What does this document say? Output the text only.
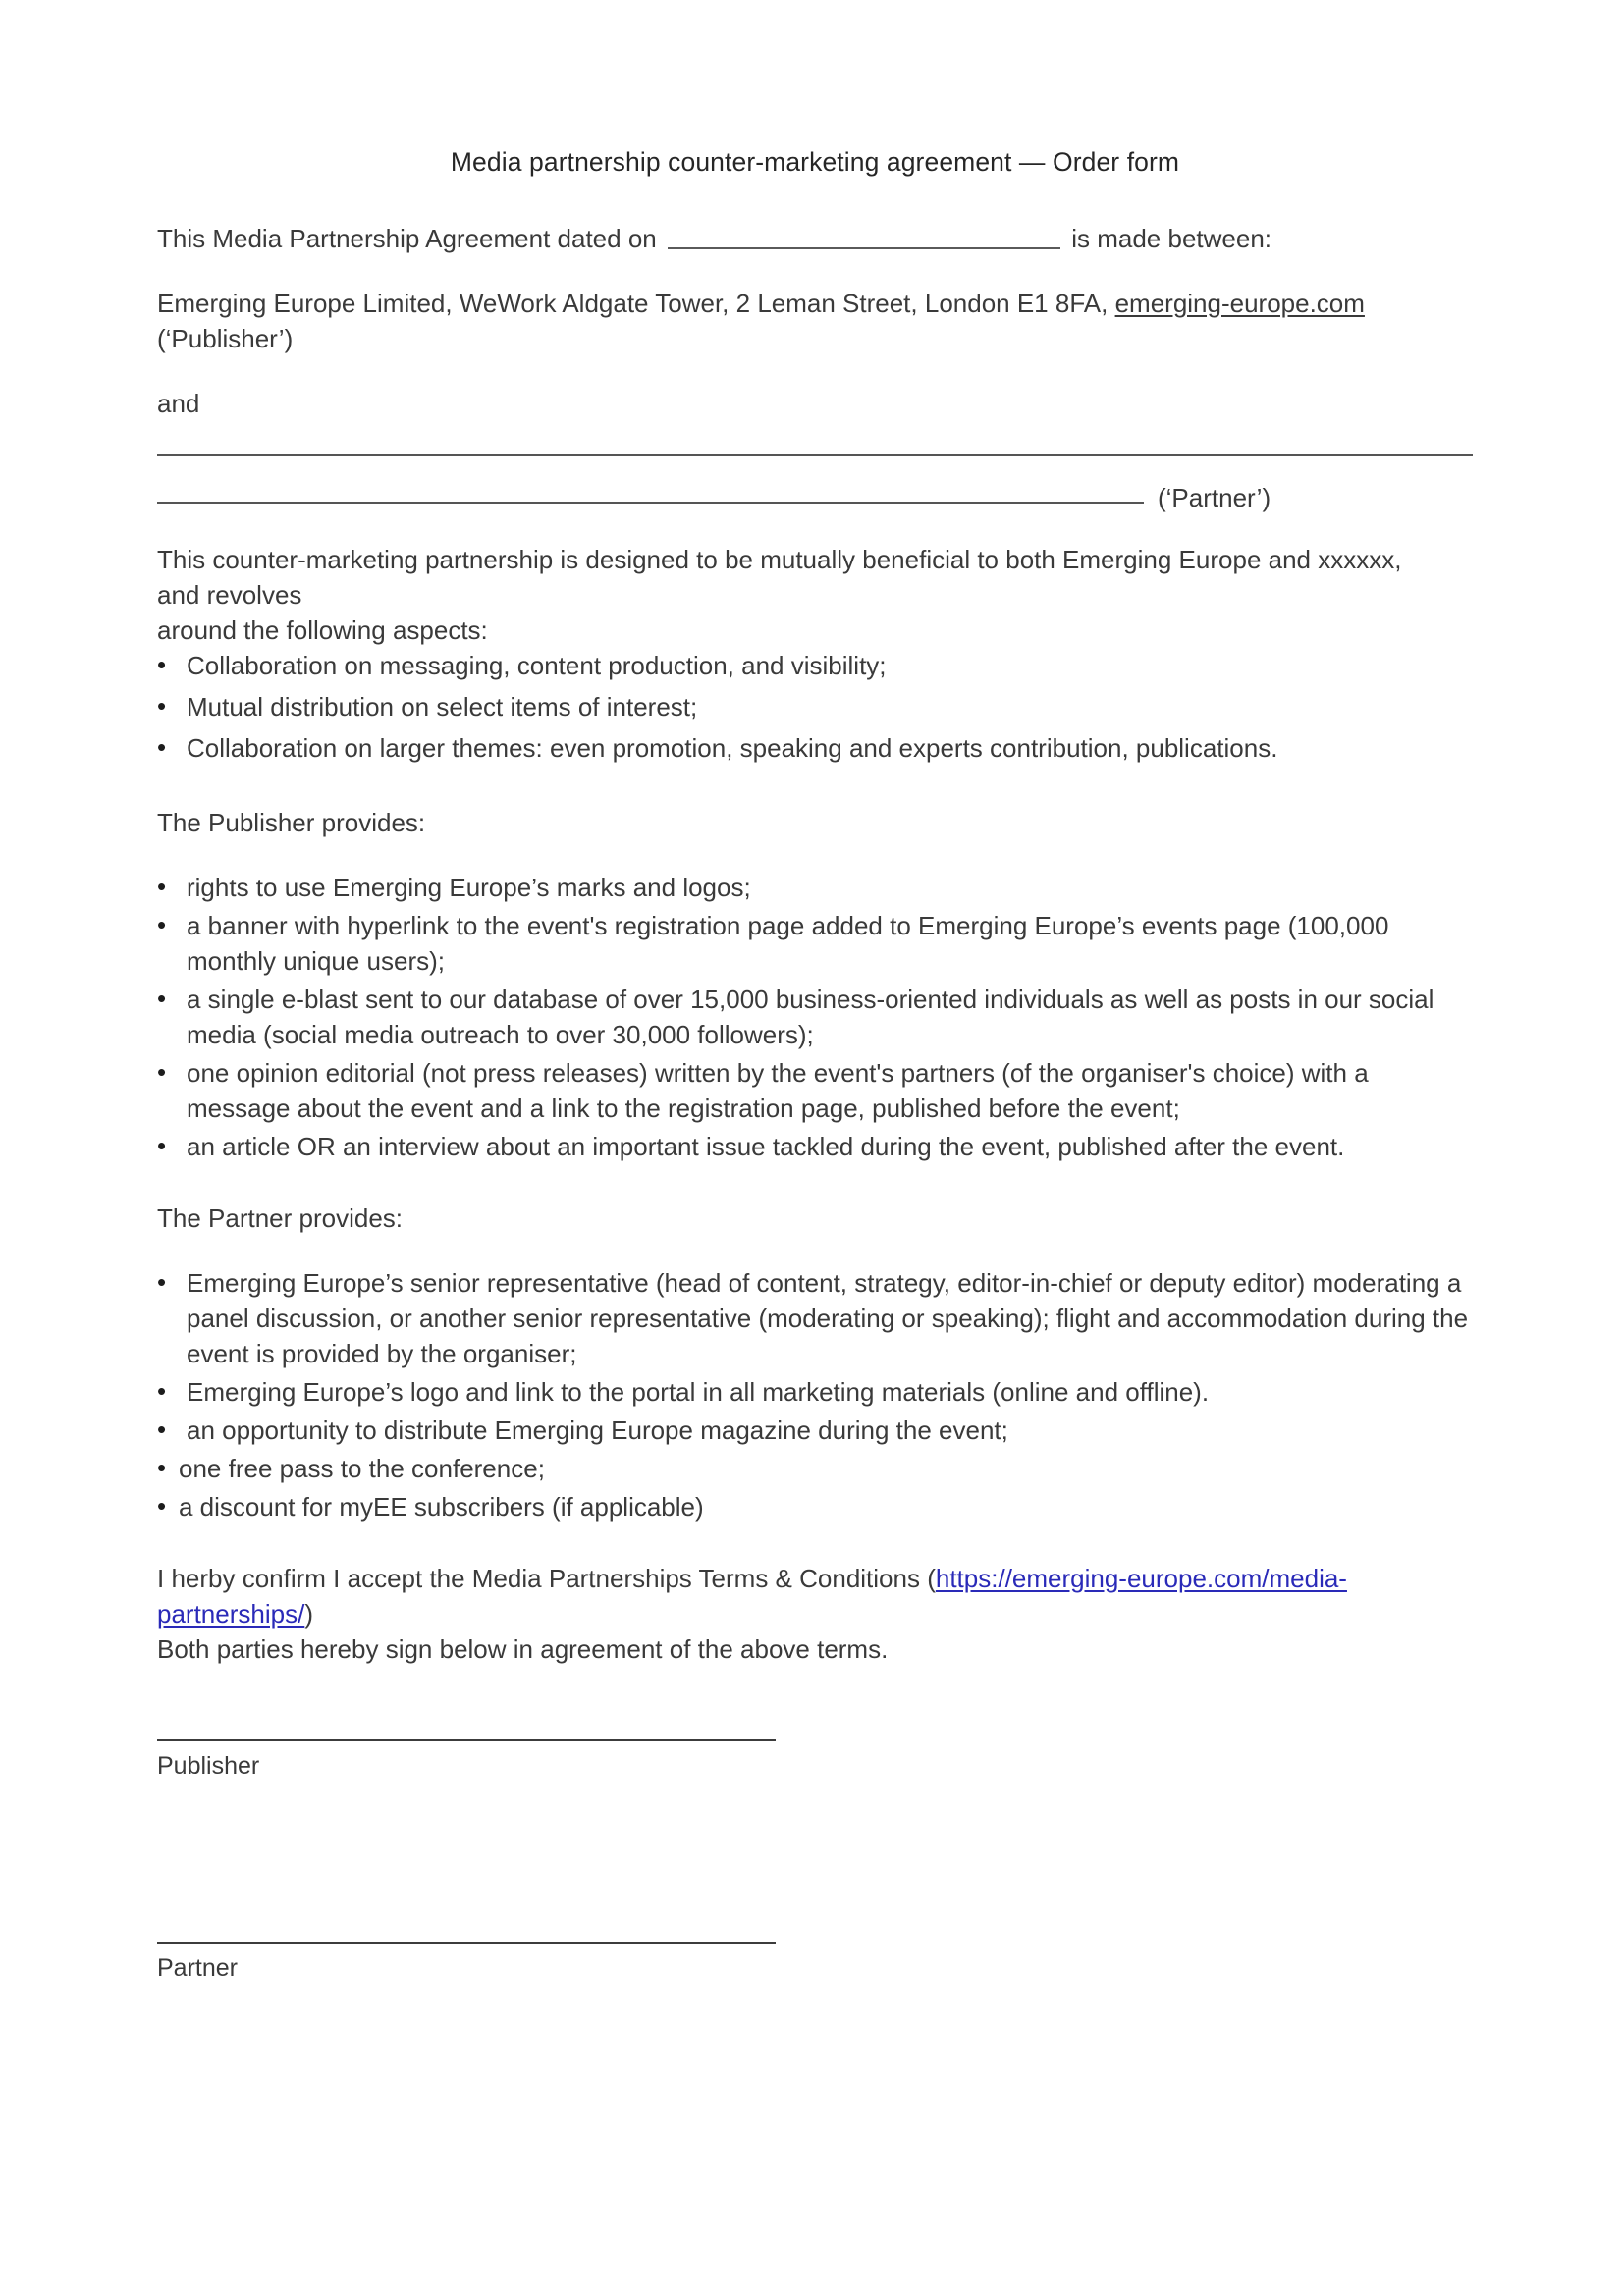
Media partnership counter-marketing agreement — Order form

This Media Partnership Agreement dated on	is made between:

Emerging Europe Limited, WeWork Aldgate Tower, 2 Leman Street, London E1 8FA, emerging-europe.com
(‘Publisher’)

and

(‘Partner’)

This counter-marketing partnership is designed to be mutually beneficial to both Emerging Europe and xxxxxx,

and revolves

around the following aspects:

• Collaboration on messaging, content production, and visibility;
• Mutual distribution on select items of interest;
• Collaboration on larger themes: even promotion, speaking and experts contribution, publications.

The Publisher provides:

• rights to use Emerging Europe’s marks and logos;
• a banner with hyperlink to the event's registration page added to Emerging Europe’s events page (100,000 monthly unique users);
• a single e-blast sent to our database of over 15,000 business-oriented individuals as well as posts in our social media (social media outreach to over 30,000 followers);
• one opinion editorial (not press releases) written by the event's partners (of the organiser's choice) with a message about the event and a link to the registration page, published before the event;
• an article OR an interview about an important issue tackled during the event, published after the event.

The Partner provides:

• Emerging Europe’s senior representative (head of content, strategy, editor-in-chief or deputy editor) moderating a panel discussion, or another senior representative (moderating or speaking); flight and accommodation during the event is provided by the organiser;
• Emerging Europe’s logo and link to the portal in all marketing materials (online and offline).
• an opportunity to distribute Emerging Europe magazine during the event;
• one free pass to the conference;
• a discount for myEE subscribers (if applicable)

I herby confirm I accept the Media Partnerships Terms & Conditions (https://emerging-europe.com/media-partnerships/)

Both parties hereby sign below in agreement of the above terms.

Publisher
Partner
